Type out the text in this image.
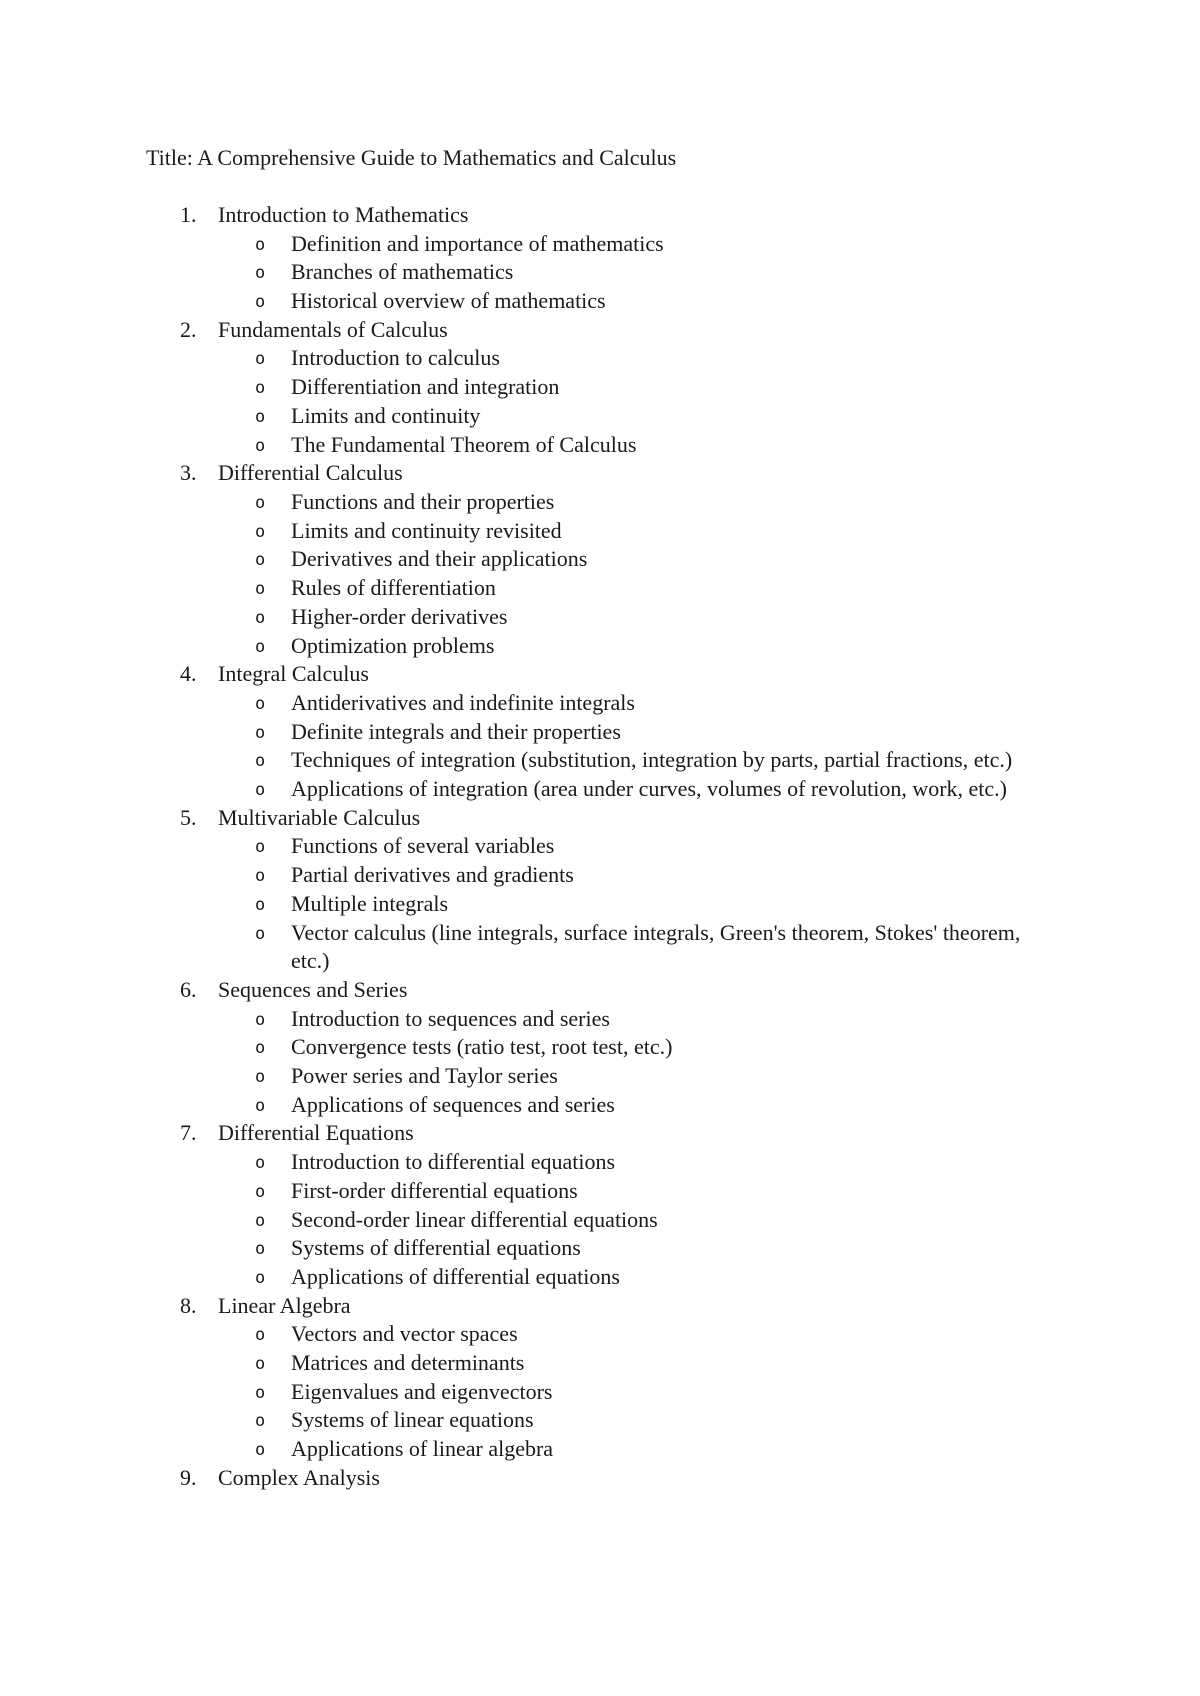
Title: A Comprehensive Guide to Mathematics and Calculus
1. Introduction to Mathematics
o Definition and importance of mathematics
o Branches of mathematics
o Historical overview of mathematics
2. Fundamentals of Calculus
o Introduction to calculus
o Differentiation and integration
o Limits and continuity
o The Fundamental Theorem of Calculus
3. Differential Calculus
o Functions and their properties
o Limits and continuity revisited
o Derivatives and their applications
o Rules of differentiation
o Higher-order derivatives
o Optimization problems
4. Integral Calculus
o Antiderivatives and indefinite integrals
o Definite integrals and their properties
o Techniques of integration (substitution, integration by parts, partial fractions, etc.)
o Applications of integration (area under curves, volumes of revolution, work, etc.)
5. Multivariable Calculus
o Functions of several variables
o Partial derivatives and gradients
o Multiple integrals
o Vector calculus (line integrals, surface integrals, Green's theorem, Stokes' theorem, etc.)
6. Sequences and Series
o Introduction to sequences and series
o Convergence tests (ratio test, root test, etc.)
o Power series and Taylor series
o Applications of sequences and series
7. Differential Equations
o Introduction to differential equations
o First-order differential equations
o Second-order linear differential equations
o Systems of differential equations
o Applications of differential equations
8. Linear Algebra
o Vectors and vector spaces
o Matrices and determinants
o Eigenvalues and eigenvectors
o Systems of linear equations
o Applications of linear algebra
9. Complex Analysis
